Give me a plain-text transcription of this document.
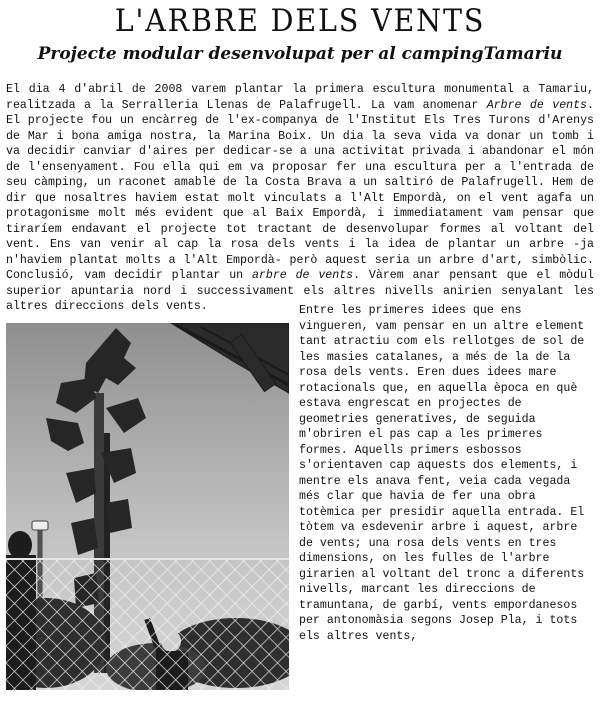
L'ARBRE DELS VENTS
Projecte modular desenvolupat per al campingTamariu

El dia 4 d'abril de 2008 varem plantar la primera escultura monumental a Tamariu, realitzada a la Serralleria Llenas de Palafrugell. La vam anomenar Arbre de vents. El projecte fou un encàrreg de l'ex-companya de l'Institut Els Tres Turons d'Arenys de Mar i bona amiga nostra, la Marina Boix. Un dia la seva vida va donar un tomb i va decidir canviar d'aires per dedicar-se a una activitat privada i abandonar el món de l'ensenyament. Fou ella qui em va proposar fer una escultura per a l'entrada de seu càmping, un raconet amable de la Costa Brava a un saltiró de Palafrugell. Hem de dir que nosaltres haviem estat molt vinculats a l'Alt Empordà, on el vent agafa un protagonisme molt més evident que al Baix Empordà, i immediatament vam pensar que tiraríem endavant el projecte tot tractant de desenvolupar formes al voltant del vent. Ens van venir al cap la rosa dels vents i la idea de plantar un arbre -ja n'haviem plantat molts a l'Alt Empordà- però aquest seria un arbre d'art, simbòlic. Conclusió, vam decidir plantar un arbre de vents. Vàrem anar pensant que el mòdul superior apuntaria nord i successivament els altres nivells anirien senyalant les altres direccions dels vents.	Entre les primeres idees que ens vingueren, vam pensar en un altre element tant atractiu com els rellotges de sol de les masies catalanes, a més de la de la rosa dels vents. Eren dues idees mare rotacionals que, en aquella època en què estava engrescat en projectes de geometries generatives, de seguida m'obriren el pas cap a les primeres formes. Aquells primers esbossos s'orientaven cap aquests dos elements, i mentre els anava fent, veia cada vegada més clar que havia de fer una obra totèmica per presidir aquella entrada. El tòtem va esdevenir arbre i aquest, arbre de vents; una rosa dels vents en tres dimensions, on les fulles de l'arbre girarien al voltant del tronc a diferents nivells, marcant les direccions de tramuntana, de garbí, vents empordanesos per antonomàsia segons Josep Pla, i tots els altres vents,
